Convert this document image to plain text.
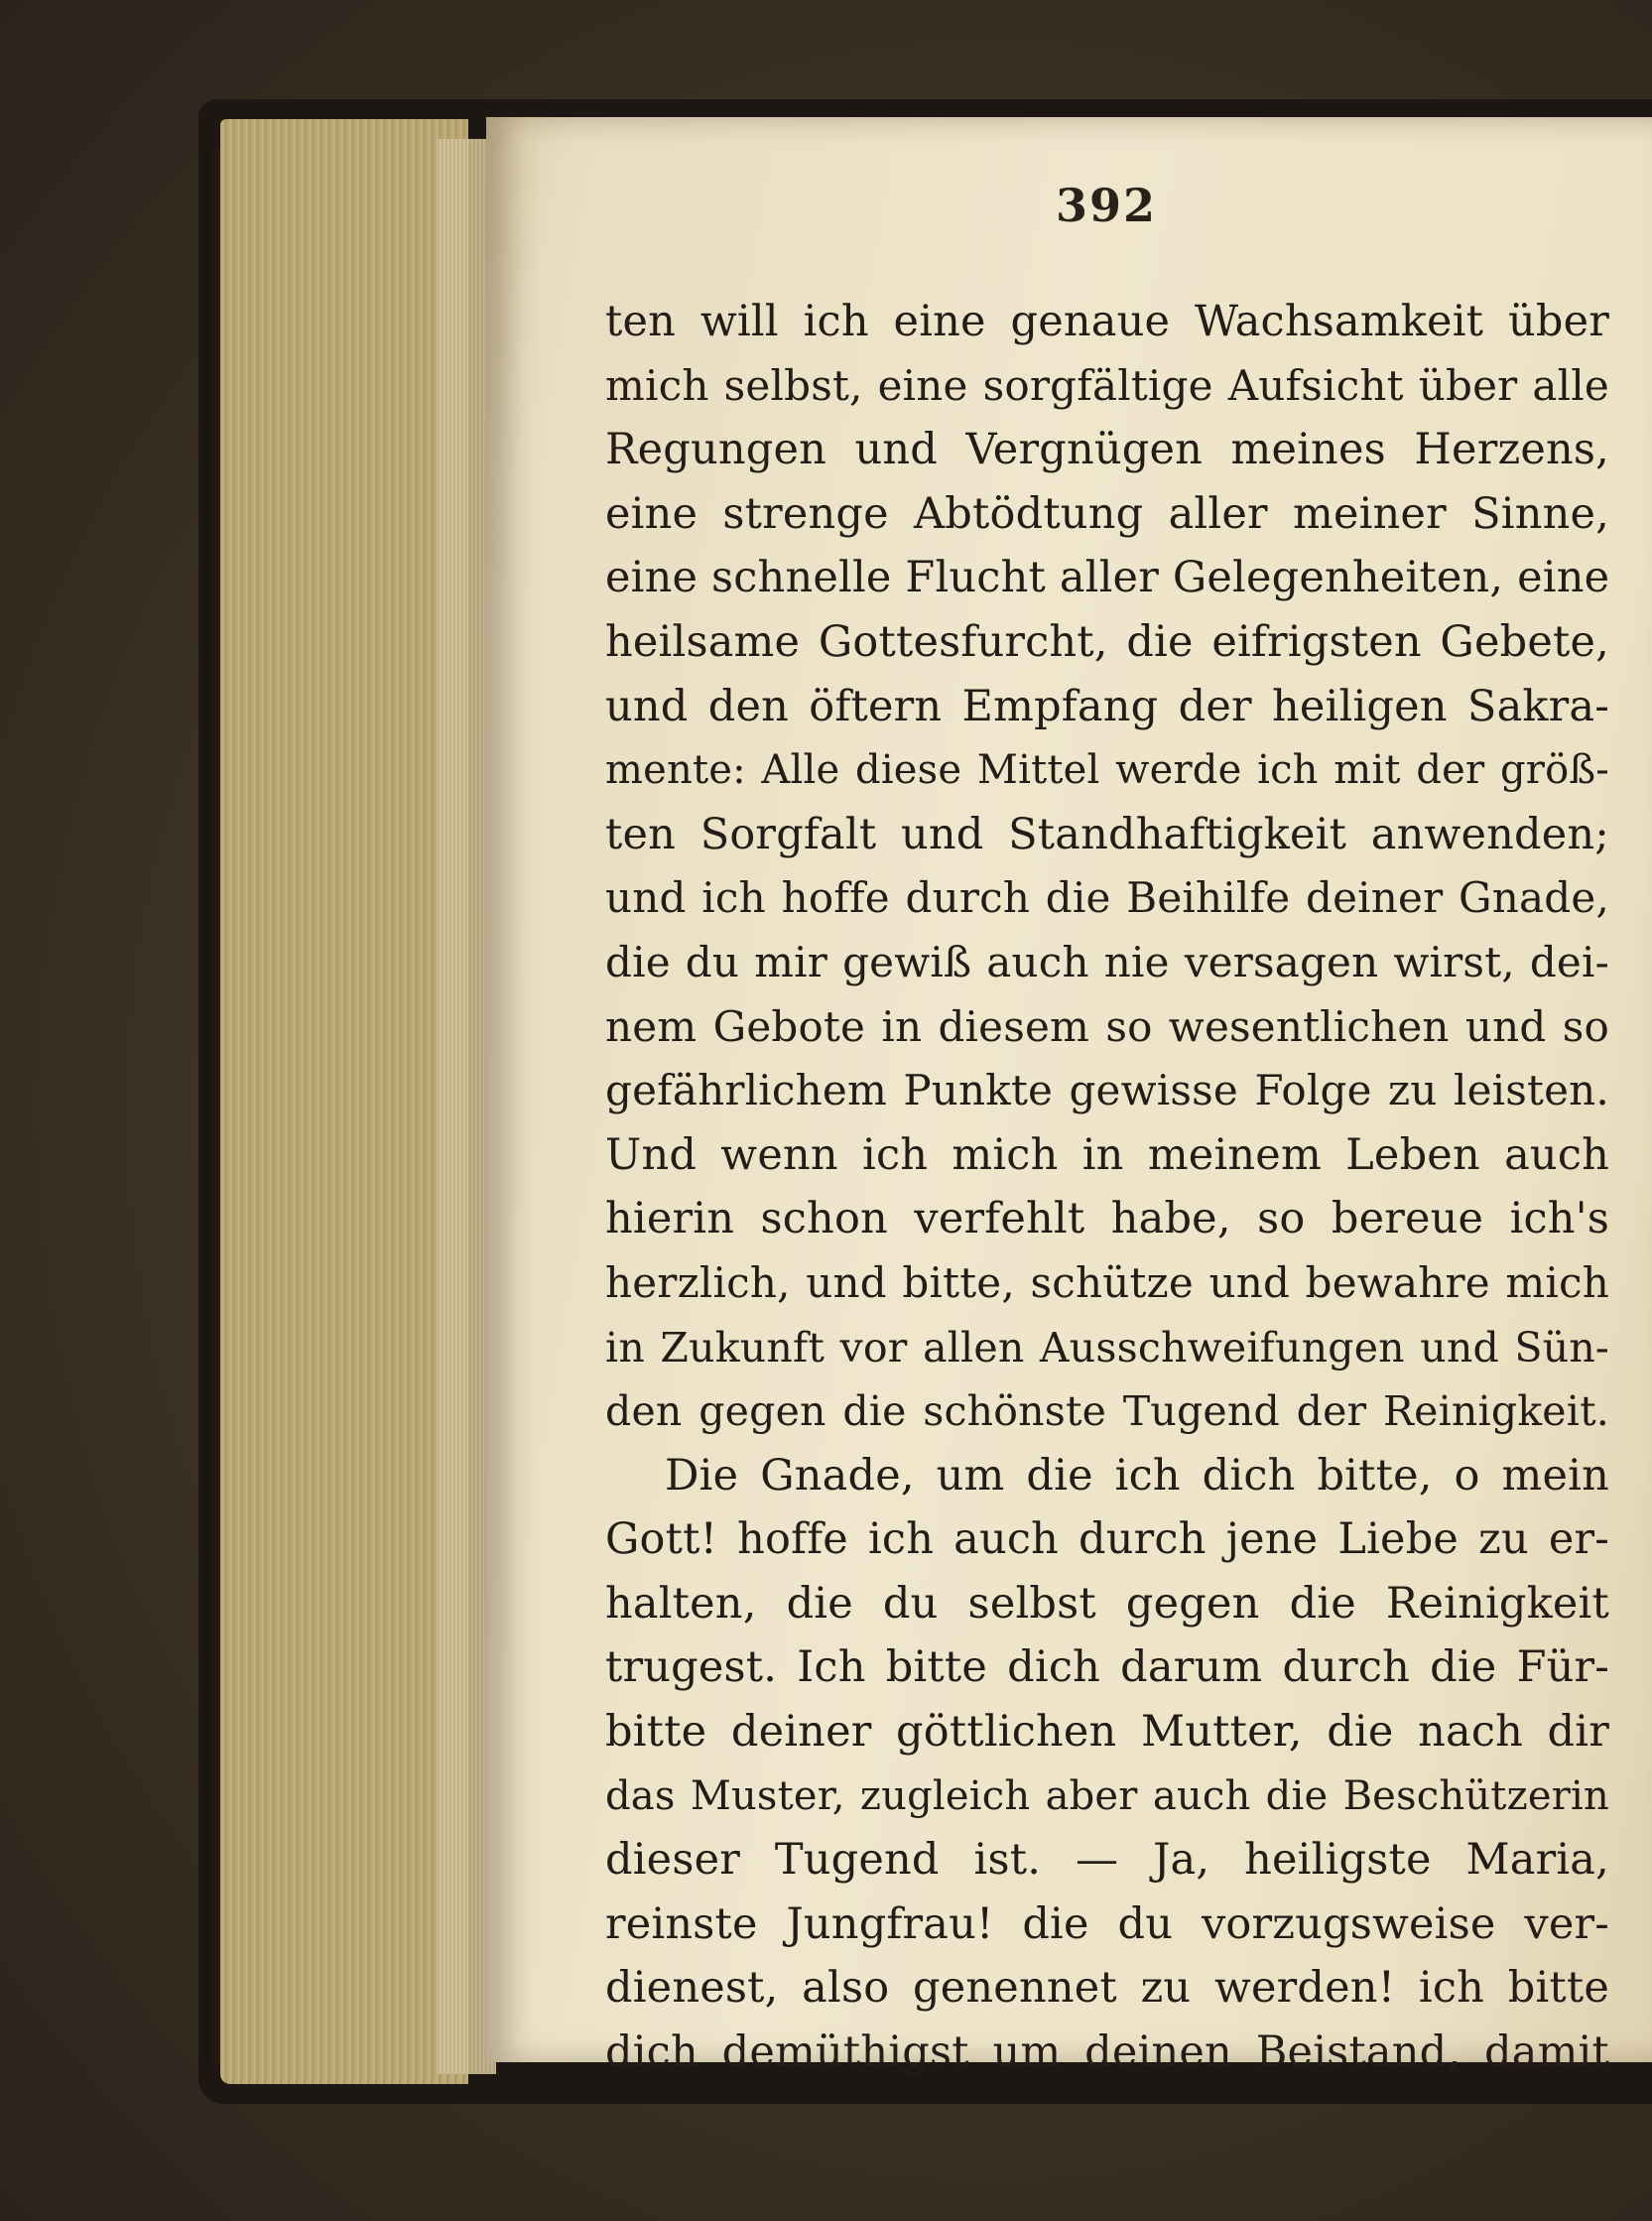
392
ten will ich eine genaue Wachsamkeit über
mich selbst, eine sorgfältige Aufsicht über alle
Regungen und Vergnügen meines Herzens,
eine strenge Abtödtung aller meiner Sinne,
eine schnelle Flucht aller Gelegenheiten, eine
heilsame Gottesfurcht, die eifrigsten Gebete,
und den öftern Empfang der heiligen Sakra-
mente: Alle diese Mittel werde ich mit der größ-
ten Sorgfalt und Standhaftigkeit anwenden;
und ich hoffe durch die Beihilfe deiner Gnade,
die du mir gewiß auch nie versagen wirst, dei-
nem Gebote in diesem so wesentlichen und so
gefährlichem Punkte gewisse Folge zu leisten.
Und wenn ich mich in meinem Leben auch
hierin schon verfehlt habe, so bereue ich's
herzlich, und bitte, schütze und bewahre mich
in Zukunft vor allen Ausschweifungen und Sün-
den gegen die schönste Tugend der Reinigkeit.
Die Gnade, um die ich dich bitte, o mein
Gott! hoffe ich auch durch jene Liebe zu er-
halten, die du selbst gegen die Reinigkeit
trugest. Ich bitte dich darum durch die Für-
bitte deiner göttlichen Mutter, die nach dir
das Muster, zugleich aber auch die Beschützerin
dieser Tugend ist. — Ja, heiligste Maria,
reinste Jungfrau! die du vorzugsweise ver-
dienest, also genennet zu werden! ich bitte
dich demüthigst um deinen Beistand, damit
